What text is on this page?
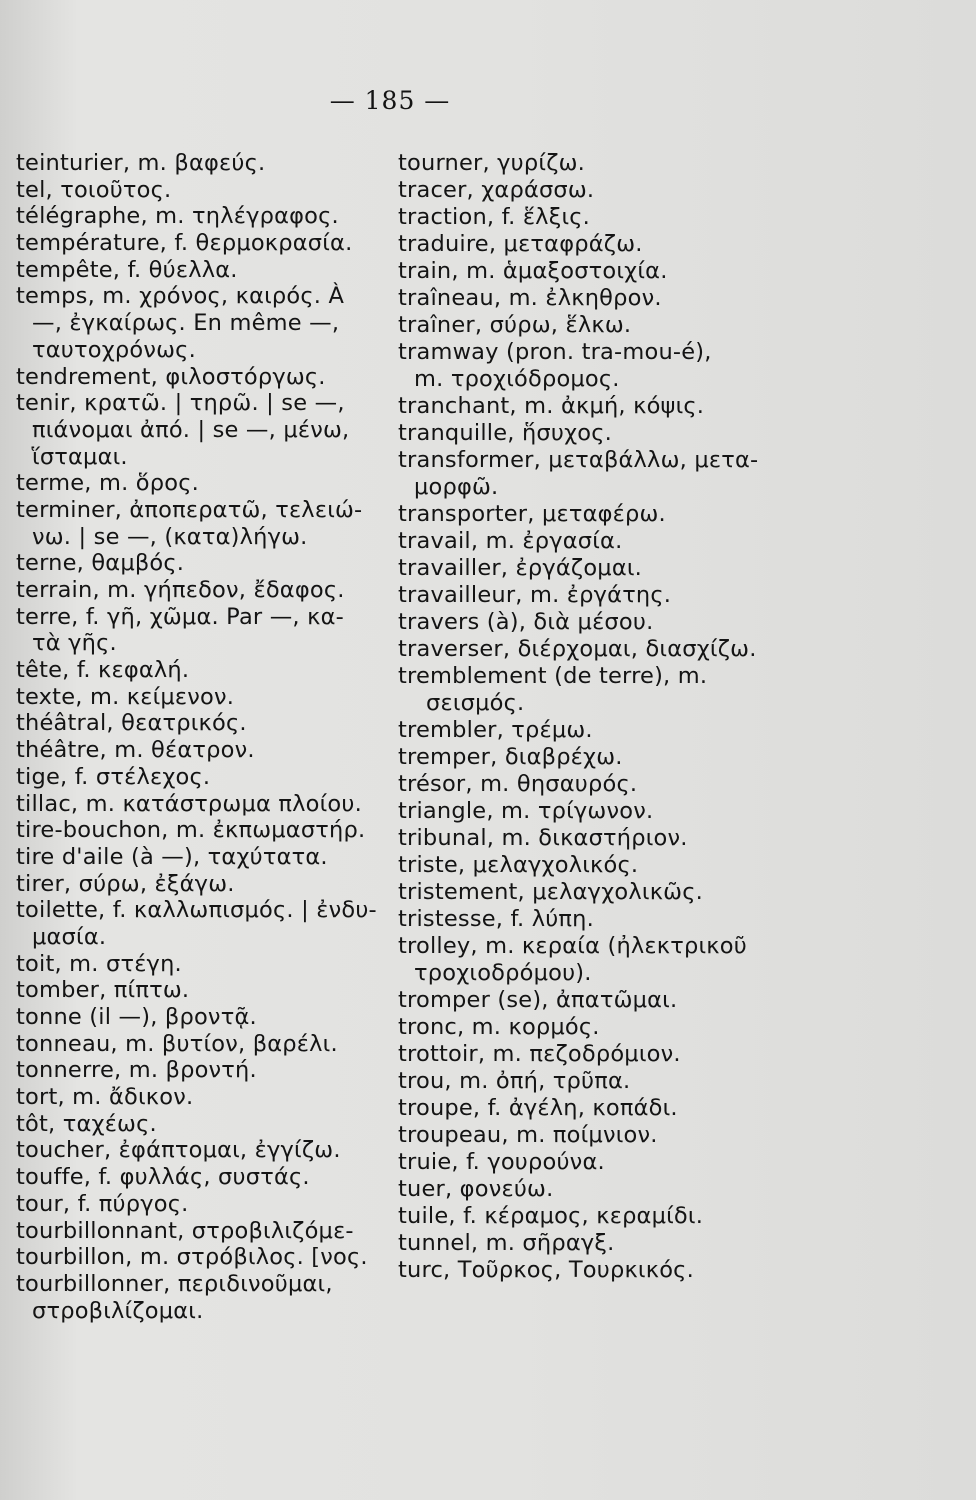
— 185 —
teinturier, m. βαφεύς.
tel, τοιοῦτος.
télégraphe, m. τηλέγραφος.
température, f. θερμοκρασία.
tempête, f. θύελλα.
temps, m. χρόνος, καιρός. À
—, ἐγκαίρως. En même —,
ταυτοχρόνως.
tendrement, φιλοστόργως.
tenir, κρατῶ. | τηρῶ. | se —,
πιάνομαι ἀπό. | se —, μένω,
ἵσταμαι.
terme, m. ὅρος.
terminer, ἀποπερατῶ, τελειώ-
νω. | se —, (κατα)λήγω.
terne, θαμβός.
terrain, m. γήπεδον, ἔδαφος.
terre, f. γῆ, χῶμα. Par —, κα-
τὰ γῆς.
tête, f. κεφαλή.
texte, m. κείμενον.
théâtral, θεατρικός.
théâtre, m. θέατρον.
tige, f. στέλεχος.
tillac, m. κατάστρωμα πλοίου.
tire-bouchon, m. ἐκπωμαστήρ.
tire d'aile (à —), ταχύτατα.
tirer, σύρω, ἐξάγω.
toilette, f. καλλωπισμός. | ἐνδυ-
μασία.
toit, m. στέγη.
tomber, πίπτω.
tonne (il —), βροντᾷ.
tonneau, m. βυτίον, βαρέλι.
tonnerre, m. βροντή.
tort, m. ἄδικον.
tôt, ταχέως.
toucher, ἐφάπτομαι, ἐγγίζω.
touffe, f. φυλλάς, συστάς.
tour, f. πύργος.
tourbillonnant, στροβιλιζόμε-
tourbillon, m. στρόβιλος. [νος.
tourbillonner, περιδινοῦμαι,
στροβιλίζομαι.
tourner, γυρίζω.
tracer, χαράσσω.
traction, f. ἕλξις.
traduire, μεταφράζω.
train, m. ἁμαξοστοιχία.
traîneau, m. ἐλκηθρον.
traîner, σύρω, ἕλκω.
tramway (pron. tra-mou-é),
m. τροχιόδρομος.
tranchant, m. ἀκμή, κόψις.
tranquille, ἥσυχος.
transformer, μεταβάλλω, μετα-
μορφῶ.
transporter, μεταφέρω.
travail, m. ἐργασία.
travailler, ἐργάζομαι.
travailleur, m. ἐργάτης.
travers (à), διὰ μέσου.
traverser, διέρχομαι, διασχίζω.
tremblement (de terre), m.
σεισμός.
trembler, τρέμω.
tremper, διαβρέχω.
trésor, m. θησαυρός.
triangle, m. τρίγωνον.
tribunal, m. δικαστήριον.
triste, μελαγχολικός.
tristement, μελαγχολικῶς.
tristesse, f. λύπη.
trolley, m. κεραία (ἠλεκτρικοῦ
τροχιοδρόμου).
tromper (se), ἀπατῶμαι.
tronc, m. κορμός.
trottoir, m. πεζοδρόμιον.
trou, m. ὀπή, τρῦπα.
troupe, f. ἀγέλη, κοπάδι.
troupeau, m. ποίμνιον.
truie, f. γουρούνα.
tuer, φονεύω.
tuile, f. κέραμος, κεραμίδι.
tunnel, m. σῆραγξ.
turc, Τοῦρκος, Τουρκικός.
